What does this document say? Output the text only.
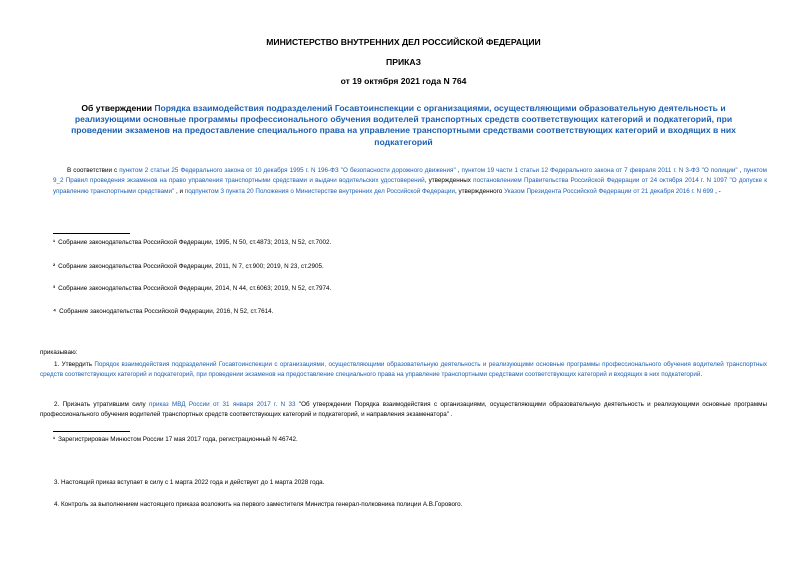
МИНИСТЕРСТВО ВНУТРЕННИХ ДЕЛ РОССИЙСКОЙ ФЕДЕРАЦИИ
ПРИКАЗ
от 19 октября 2021 года N 764
Об утверждении Порядка взаимодействия подразделений Госавтоинспекции с организациями, осуществляющими образовательную деятельность и реализующими основные программы профессионального обучения водителей транспортных средств соответствующих категорий и подкатегорий, при проведении экзаменов на предоставление специального права на управление транспортными средствами соответствующих категорий и входящих в них подкатегорий
В соответствии с пунктом 2 статьи 25 Федерального закона от 10 декабря 1995 г. N 196-ФЗ "О безопасности дорожного движения" , пунктом 19 части 1 статьи 12 Федерального закона от 7 февраля 2011 г. N 3-ФЗ "О полиции" , пунктом 9_2 Правил проведения экзаменов на право управления транспортными средствами и выдачи водительских удостоверений, утвержденных постановлением Правительства Российской Федерации от 24 октября 2014 г. N 1097 "О допуске к управлению транспортными средствами" , и подпунктом 3 пункта 20 Положения о Министерстве внутренних дел Российской Федерации, утвержденного Указом Президента Российской Федерации от 21 декабря 2016 г. N 699 , -
¹ Собрание законодательства Российской Федерации, 1995, N 50, ст.4873; 2013, N 52, ст.7002.
² Собрание законодательства Российской Федерации, 2011, N 7, ст.900; 2019, N 23, ст.2905.
³ Собрание законодательства Российской Федерации, 2014, N 44, ст.6063; 2019, N 52, ст.7974.
⁴ Собрание законодательства Российской Федерации, 2016, N 52, ст.7614.
приказываю:
1. Утвердить Порядок взаимодействия подразделений Госавтоинспекции с организациями, осуществляющими образовательную деятельность и реализующими основные программы профессионального обучения водителей транспортных средств соответствующих категорий и подкатегорий, при проведении экзаменов на предоставление специального права на управление транспортными средствами соответствующих категорий и входящих в них подкатегорий.
2. Признать утратившим силу приказ МВД России от 31 января 2017 г. N 33 "Об утверждении Порядка взаимодействия с организациями, осуществляющими образовательную деятельность и реализующими основные программы профессионального обучения водителей транспортных средств соответствующих категорий и подкатегорий, и направления экзаменатора" .
¹ Зарегистрирован Минюстом России 17 мая 2017 года, регистрационный N 46742.
3. Настоящий приказ вступает в силу с 1 марта 2022 года и действует до 1 марта 2028 года.
4. Контроль за выполнением настоящего приказа возложить на первого заместителя Министра генерал-полковника полиции А.В.Горового.
